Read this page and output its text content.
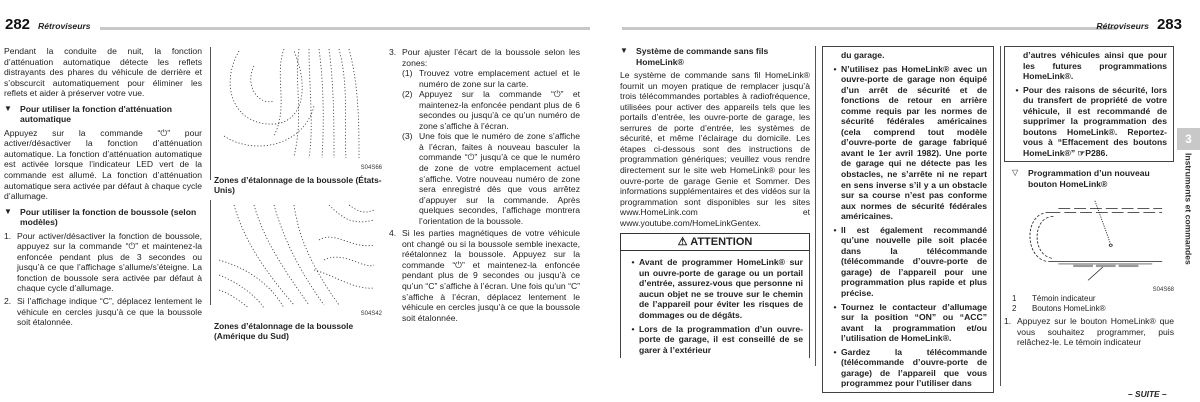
282 Rétroviseurs	Rétroviseurs 283

Pendant la conduite de nuit, la fonction d’atténuation automatique détecte les reflets distrayants des phares du véhicule de derrière et s’obscurcit automatiquement pour éliminer les reflets et aider à préserver votre vue.

▼ Pour utiliser la fonction d'atténuation automatique

Appuyez sur la commande “⏻” pour activer/désactiver la fonction d’atténuation automatique. La fonction d’atténuation automatique est activée lorsque l’indicateur LED vert de la commande est allumé. La fonction d’atténuation automatique sera activée par défaut à chaque cycle d’allumage.

▼ Pour utiliser la fonction de boussole (selon modèles)
1. Pour activer/désactiver la fonction de boussole, appuyez sur la commande “⏻” et maintenez-la enfoncée pendant plus de 3 secondes ou jusqu’à ce que l’affichage s’allume/s’éteigne. La fonction de boussole sera activée par défaut à chaque cycle d’allumage.
2. Si l’affichage indique “C”, déplacez lentement le véhicule en cercles jusqu’à ce que la boussole soit étalonnée.
S04S66
Zones d’étalonnage de la boussole (États-Unis)
S04S42
Zones d’étalonnage de la boussole (Amérique du Sud)
3. Pour ajuster l’écart de la boussole selon les zones:
(1) Trouvez votre emplacement actuel et le numéro de zone sur la carte.
(2) Appuyez sur la commande “⏻” et maintenez-la enfoncée pendant plus de 6 secondes ou jusqu’à ce qu’un numéro de zone s’affiche à l’écran.
(3) Une fois que le numéro de zone s’affiche à l’écran, faites à nouveau basculer la commande “⏻” jusqu’à ce que le numéro de zone de votre emplacement actuel s’affiche. Votre nouveau numéro de zone sera enregistré dès que vous arrêtez d’appuyer sur la commande. Après quelques secondes, l’affichage montrera l’orientation de la boussole.
4. Si les parties magnétiques de votre véhicule ont changé ou si la boussole semble inexacte, réétalonnez la boussole. Appuyez sur la commande “⏻” et maintenez-la enfoncée pendant plus de 9 secondes ou jusqu’à ce qu’un “C” s’affiche à l’écran. Une fois qu’un “C” s’affiche à l’écran, déplacez lentement le véhicule en cercles jusqu’à ce que la boussole soit étalonnée.
▼ Système de commande sans fils HomeLink®

Le système de commande sans fil HomeLink® fournit un moyen pratique de remplacer jusqu’à trois télécommandes portables à radiofréquence, utilisées pour activer des appareils tels que les portails d’entrée, les ouvre-porte de garage, les serrures de porte d’entrée, les systèmes de sécurité, et même l’éclairage du domicile. Les étapes ci-dessous sont des instructions de programmation génériques; veuillez vous rendre directement sur le site web HomeLink® pour les ouvre-porte de garage Genie et Sommer. Des informations supplémentaires et des vidéos sur la programmation sont disponibles sur les sites www.HomeLink.com et www.youtube.com/HomeLinkGentex.

⚠ ATTENTION
• Avant de programmer HomeLink® sur un ouvre-porte de garage ou un portail d’entrée, assurez-vous que personne ni aucun objet ne se trouve sur le chemin de l’appareil pour éviter les risques de dommages ou de dégâts.
• Lors de la programmation d’un ouvre-porte de garage, il est conseillé de se garer à l’extérieur
du garage.
• N’utilisez pas HomeLink® avec un ouvre-porte de garage non équipé d’un arrêt de sécurité et de fonctions de retour en arrière comme requis par les normes de sécurité fédérales américaines (cela comprend tout modèle d’ouvre-porte de garage fabriqué avant le 1er avril 1982). Une porte de garage qui ne détecte pas les obstacles, ne s’arrête ni ne repart en sens inverse s’il y a un obstacle sur sa course n’est pas conforme aux normes de sécurité fédérales américaines.
• Il est également recommandé qu’une nouvelle pile soit placée dans la télécommande (télécommande d’ouvre-porte de garage) de l’appareil pour une programmation plus rapide et plus précise.
• Tournez le contacteur d’allumage sur la position “ON” ou “ACC” avant la programmation et/ou l’utilisation de HomeLink®.
• Gardez la télécommande (télécommande d’ouvre-porte de garage) de l’appareil que vous programmez pour l’utiliser dans
d’autres véhicules ainsi que pour les futures programmations HomeLink®.
• Pour des raisons de sécurité, lors du transfert de propriété de votre véhicule, il est recommandé de supprimer la programmation des boutons HomeLink®. Reportez-vous à “Effacement des boutons HomeLink®” ☞P286.
▽	Programmation d’un nouveau bouton HomeLink®
S04S68
1	Témoin indicateur
2	Boutons HomeLink®
1. Appuyez sur le bouton HomeLink® que vous souhaitez programmer, puis relâchez-le. Le témoin indicateur
– SUITE –
3
Instruments et commandes
